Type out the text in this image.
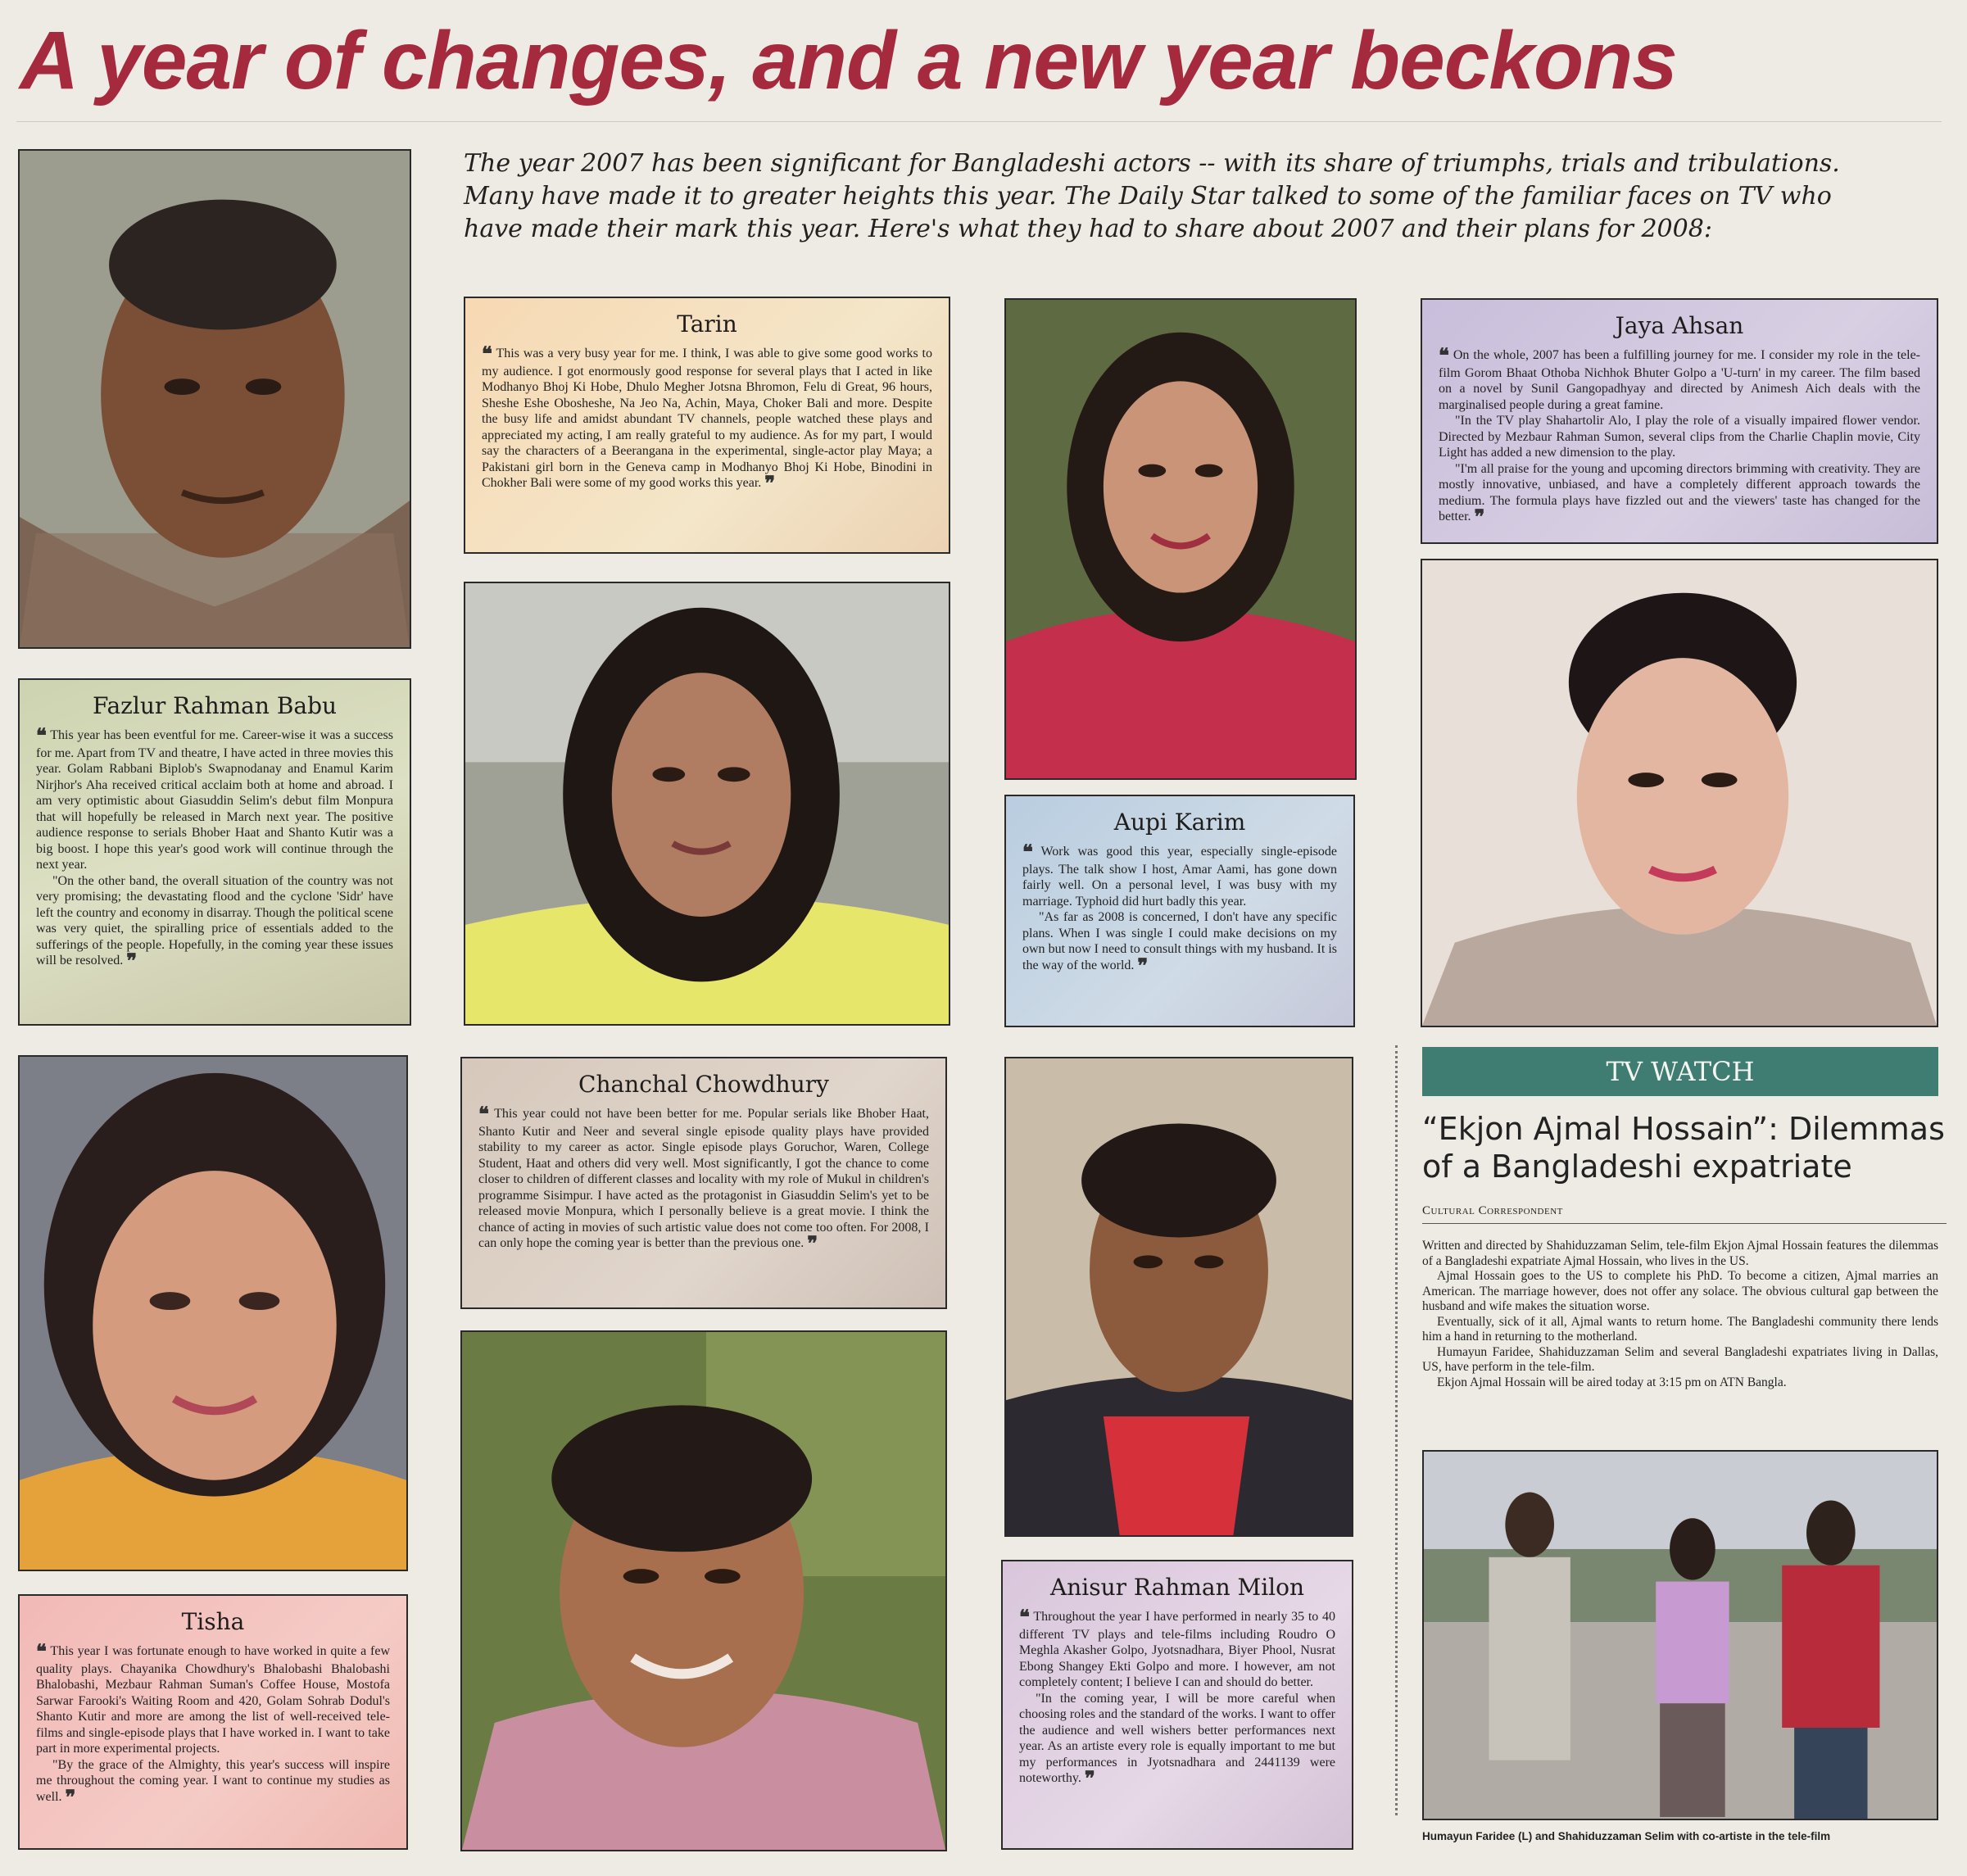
A year of changes, and a new year beckons
The year 2007 has been significant for Bangladeshi actors -- with its share of triumphs, trials and tribulations. Many have made it to greater heights this year. The Daily Star talked to some of the familiar faces on TV who have made their mark this year. Here's what they had to share about 2007 and their plans for 2008:
Fazlur Rahman Babu

❝ This year has been eventful for me. Career-wise it was a success for me. Apart from TV and theatre, I have acted in three movies this year. Golam Rabbani Biplob's Swapnodanay and Enamul Karim Nirjhor's Aha received critical acclaim both at home and abroad. I am very optimistic about Giasuddin Selim's debut film Monpura that will hopefully be released in March next year. The positive audience response to serials Bhober Haat and Shanto Kutir was a big boost. I hope this year's good work will continue through the next year.

"On the other band, the overall situation of the country was not very promising; the devastating flood and the cyclone 'Sidr' have left the country and economy in disarray. Though the political scene was very quiet, the spiralling price of essentials added to the sufferings of the people. Hopefully, in the coming year these issues will be resolved. ❞

Tisha

❝ This year I was fortunate enough to have worked in quite a few quality plays. Chayanika Chowdhury's Bhalobashi Bhalobashi Bhalobashi, Mezbaur Rahman Suman's Coffee House, Mostofa Sarwar Farooki's Waiting Room and 420, Golam Sohrab Dodul's Shanto Kutir and more are among the list of well-received tele-films and single-episode plays that I have worked in. I want to take part in more experimental projects.

"By the grace of the Almighty, this year's success will inspire me throughout the coming year. I want to continue my studies as well. ❞

Tarin

❝ This was a very busy year for me. I think, I was able to give some good works to my audience. I got enormously good response for several plays that I acted in like Modhanyo Bhoj Ki Hobe, Dhulo Megher Jotsna Bhromon, Felu di Great, 96 hours, Sheshe Eshe Obosheshe, Na Jeo Na, Achin, Maya, Choker Bali and more. Despite the busy life and amidst abundant TV channels, people watched these plays and appreciated my acting, I am really grateful to my audience. As for my part, I would say the characters of a Beerangana in the experimental, single-actor play Maya; a Pakistani girl born in the Geneva camp in Modhanyo Bhoj Ki Hobe, Binodini in Chokher Bali were some of my good works this year. ❞

Chanchal Chowdhury

❝ This year could not have been better for me. Popular serials like Bhober Haat, Shanto Kutir and Neer and several single episode quality plays have provided stability to my career as actor. Single episode plays Goruchor, Waren, College Student, Haat and others did very well. Most significantly, I got the chance to come closer to children of different classes and locality with my role of Mukul in children's programme Sisimpur. I have acted as the protagonist in Giasuddin Selim's yet to be released movie Monpura, which I personally believe is a great movie. I think the chance of acting in movies of such artistic value does not come too often. For 2008, I can only hope the coming year is better than the previous one. ❞

Aupi Karim

❝ Work was good this year, especially single-episode plays. The talk show I host, Amar Aami, has gone down fairly well. On a personal level, I was busy with my marriage. Typhoid did hurt badly this year.

"As far as 2008 is concerned, I don't have any specific plans. When I was single I could make decisions on my own but now I need to consult things with my husband. It is the way of the world. ❞

Anisur Rahman Milon

❝ Throughout the year I have performed in nearly 35 to 40 different TV plays and tele-films including Roudro O Meghla Akasher Golpo, Jyotsnadhara, Biyer Phool, Nusrat Ebong Shangey Ekti Golpo and more. I however, am not completely content; I believe I can and should do better.

"In the coming year, I will be more careful when choosing roles and the standard of the works. I want to offer the audience and well wishers better performances next year. As an artiste every role is equally important to me but my performances in Jyotsnadhara and 2441139 were noteworthy. ❞

Jaya Ahsan

❝ On the whole, 2007 has been a fulfilling journey for me. I consider my role in the tele-film Gorom Bhaat Othoba Nichhok Bhuter Golpo a 'U-turn' in my career. The film based on a novel by Sunil Gangopadhyay and directed by Animesh Aich deals with the marginalised people during a great famine.

"In the TV play Shahartolir Alo, I play the role of a visually impaired flower vendor. Directed by Mezbaur Rahman Sumon, several clips from the Charlie Chaplin movie, City Light has added a new dimension to the play.

"I'm all praise for the young and upcoming directors brimming with creativity. They are mostly innovative, unbiased, and have a completely different approach towards the medium. The formula plays have fizzled out and the viewers' taste has changed for the better. ❞

TV WATCH
“Ekjon Ajmal Hossain”: Dilemmas of a Bangladeshi expatriate
Cultural Correspondent

Written and directed by Shahiduzzaman Selim, tele-film Ekjon Ajmal Hossain features the dilemmas of a Bangladeshi expatriate Ajmal Hossain, who lives in the US.

Ajmal Hossain goes to the US to complete his PhD. To become a citizen, Ajmal marries an American. The marriage however, does not offer any solace. The obvious cultural gap between the husband and wife makes the situation worse.

Eventually, sick of it all, Ajmal wants to return home. The Bangladeshi community there lends him a hand in returning to the motherland.

Humayun Faridee, Shahiduzzaman Selim and several Bangladeshi expatriates living in Dallas, US, have perform in the tele-film.

Ekjon Ajmal Hossain will be aired today at 3:15 pm on ATN Bangla.

Humayun Faridee (L) and Shahiduzzaman Selim with co-artiste in the tele-film
